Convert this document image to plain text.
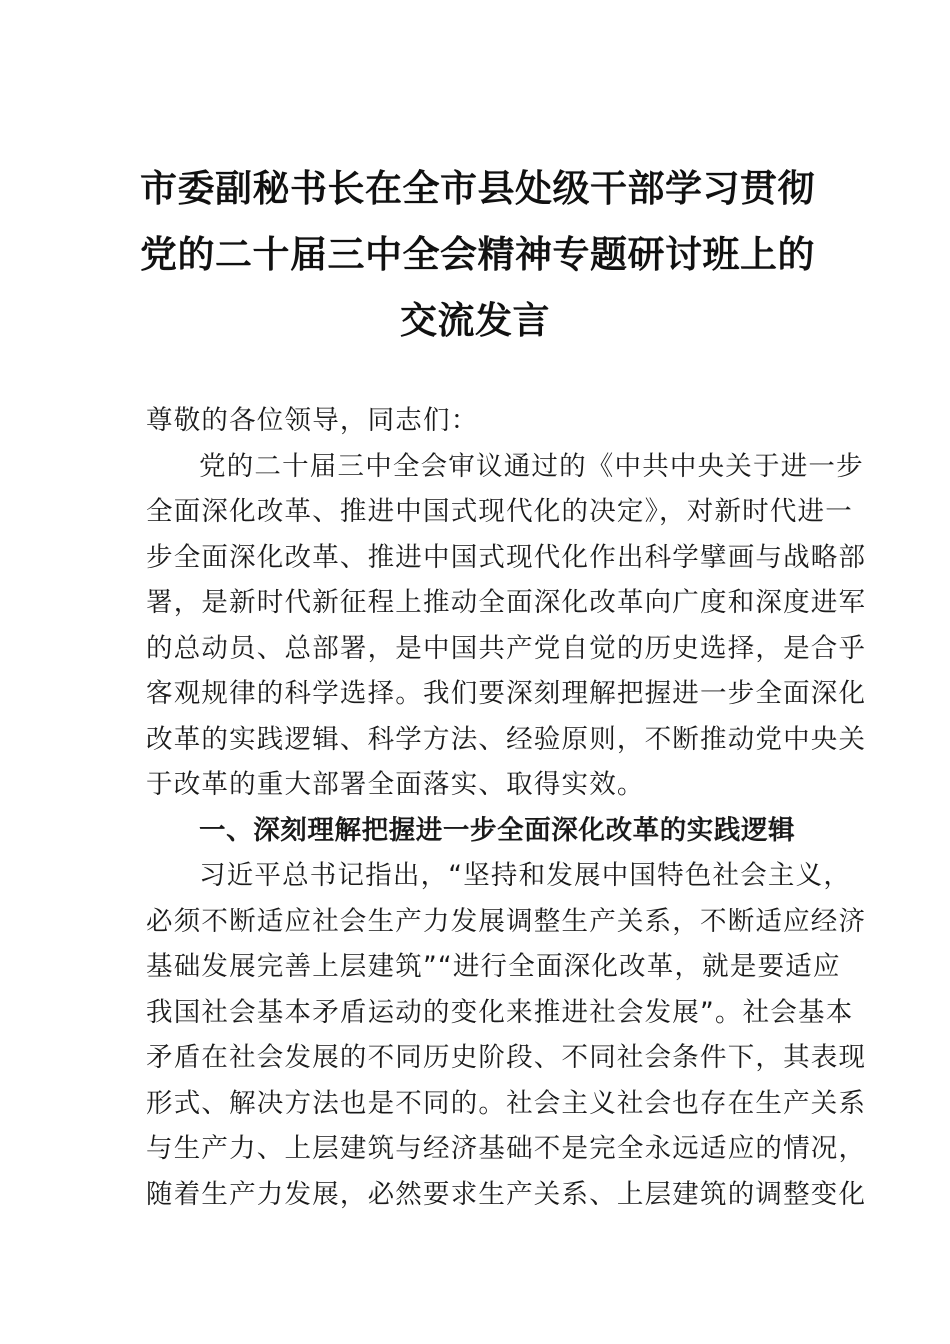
市委副秘书长在全市县处级干部学习贯彻
党的二十届三中全会精神专题研讨班上的
交流发言
尊敬的各位领导，同志们：
党的二十届三中全会审议通过的《中共中央关于进一步
全面深化改革、推进中国式现代化的决定》，对新时代进一
步全面深化改革、推进中国式现代化作出科学擘画与战略部
署，是新时代新征程上推动全面深化改革向广度和深度进军
的总动员、总部署，是中国共产党自觉的历史选择，是合乎
客观规律的科学选择。我们要深刻理解把握进一步全面深化
改革的实践逻辑、科学方法、经验原则，不断推动党中央关
于改革的重大部署全面落实、取得实效。
一、深刻理解把握进一步全面深化改革的实践逻辑
习近平总书记指出，“坚持和发展中国特色社会主义，
必须不断适应社会生产力发展调整生产关系，不断适应经济
基础发展完善上层建筑”“进行全面深化改革，就是要适应
我国社会基本矛盾运动的变化来推进社会发展”。社会基本
矛盾在社会发展的不同历史阶段、不同社会条件下，其表现
形式、解决方法也是不同的。社会主义社会也存在生产关系
与生产力、上层建筑与经济基础不是完全永远适应的情况，
随着生产力发展，必然要求生产关系、上层建筑的调整变化
